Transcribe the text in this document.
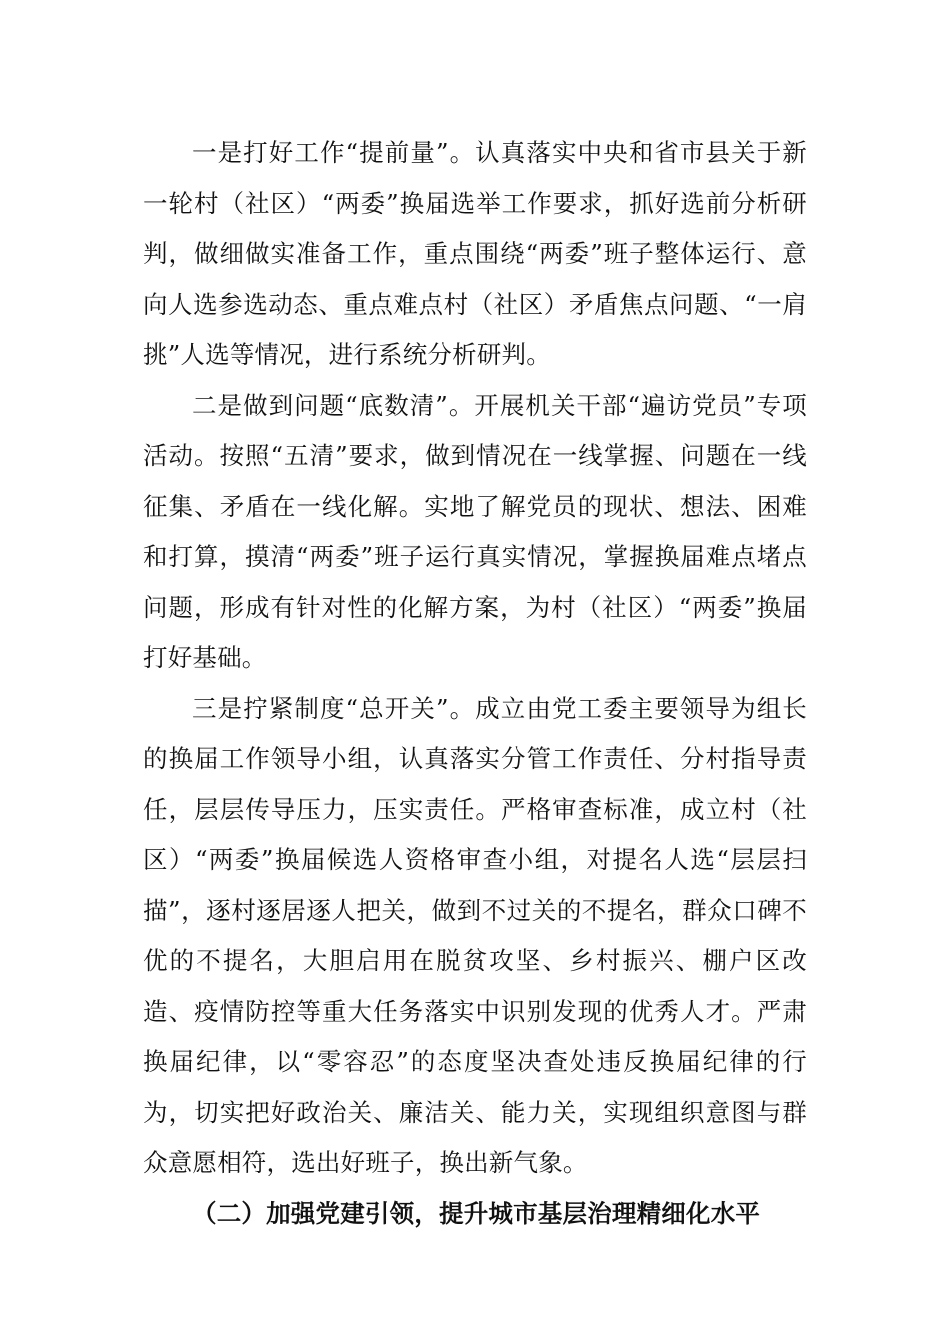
一是打好工作“提前量”。认真落实中央和省市县关于新一轮村（社区）“两委”换届选举工作要求，抓好选前分析研判，做细做实准备工作，重点围绕“两委”班子整体运行、意向人选参选动态、重点难点村（社区）矛盾焦点问题、“一肩挑”人选等情况，进行系统分析研判。

二是做到问题“底数清”。开展机关干部“遍访党员”专项活动。按照“五清”要求，做到情况在一线掌握、问题在一线征集、矛盾在一线化解。实地了解党员的现状、想法、困难和打算，摸清“两委”班子运行真实情况，掌握换届难点堵点问题，形成有针对性的化解方案，为村（社区）“两委”换届打好基础。

三是拧紧制度“总开关”。成立由党工委主要领导为组长的换届工作领导小组，认真落实分管工作责任、分村指导责任，层层传导压力，压实责任。严格审查标准，成立村（社区）“两委”换届候选人资格审查小组，对提名人选“层层扫描”，逐村逐居逐人把关，做到不过关的不提名，群众口碑不优的不提名，大胆启用在脱贫攻坚、乡村振兴、棚户区改造、疫情防控等重大任务落实中识别发现的优秀人才。严肃换届纪律，以“零容忍”的态度坚决查处违反换届纪律的行为，切实把好政治关、廉洁关、能力关，实现组织意图与群众意愿相符，选出好班子，换出新气象。

（二）加强党建引领，提升城市基层治理精细化水平
